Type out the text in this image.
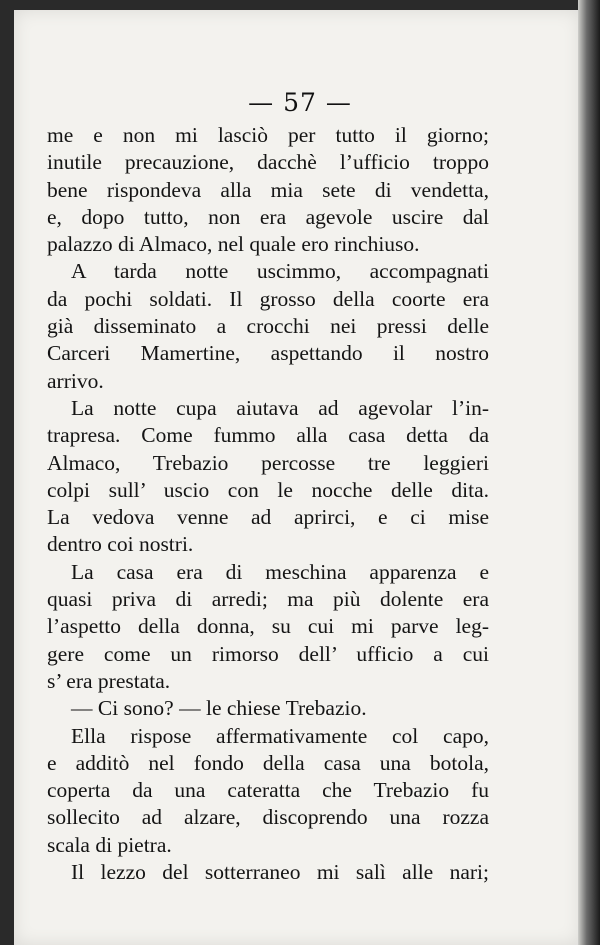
— 57 —
me e non mi lasciò per tutto il giorno;
inutile precauzione, dacchè l’ufficio troppo
bene rispondeva alla mia sete di vendetta,
e, dopo tutto, non era agevole uscire dal
palazzo di Almaco, nel quale ero rinchiuso.
A tarda notte uscimmo, accompagnati
da pochi soldati. Il grosso della coorte era
già disseminato a crocchi nei pressi delle
Carceri Mamertine, aspettando il nostro
arrivo.
La notte cupa aiutava ad agevolar l’in-
trapresa. Come fummo alla casa detta da
Almaco, Trebazio percosse tre leggieri
colpi sull’ uscio con le nocche delle dita.
La vedova venne ad aprirci, e ci mise
dentro coi nostri.
La casa era di meschina apparenza e
quasi priva di arredi; ma più dolente era
l’aspetto della donna, su cui mi parve leg-
gere come un rimorso dell’ ufficio a cui
s’ era prestata.
— Ci sono? — le chiese Trebazio.
Ella rispose affermativamente col capo,
e additò nel fondo della casa una botola,
coperta da una cateratta che Trebazio fu
sollecito ad alzare, discoprendo una rozza
scala di pietra.
Il lezzo del sotterraneo mi salì alle nari;
